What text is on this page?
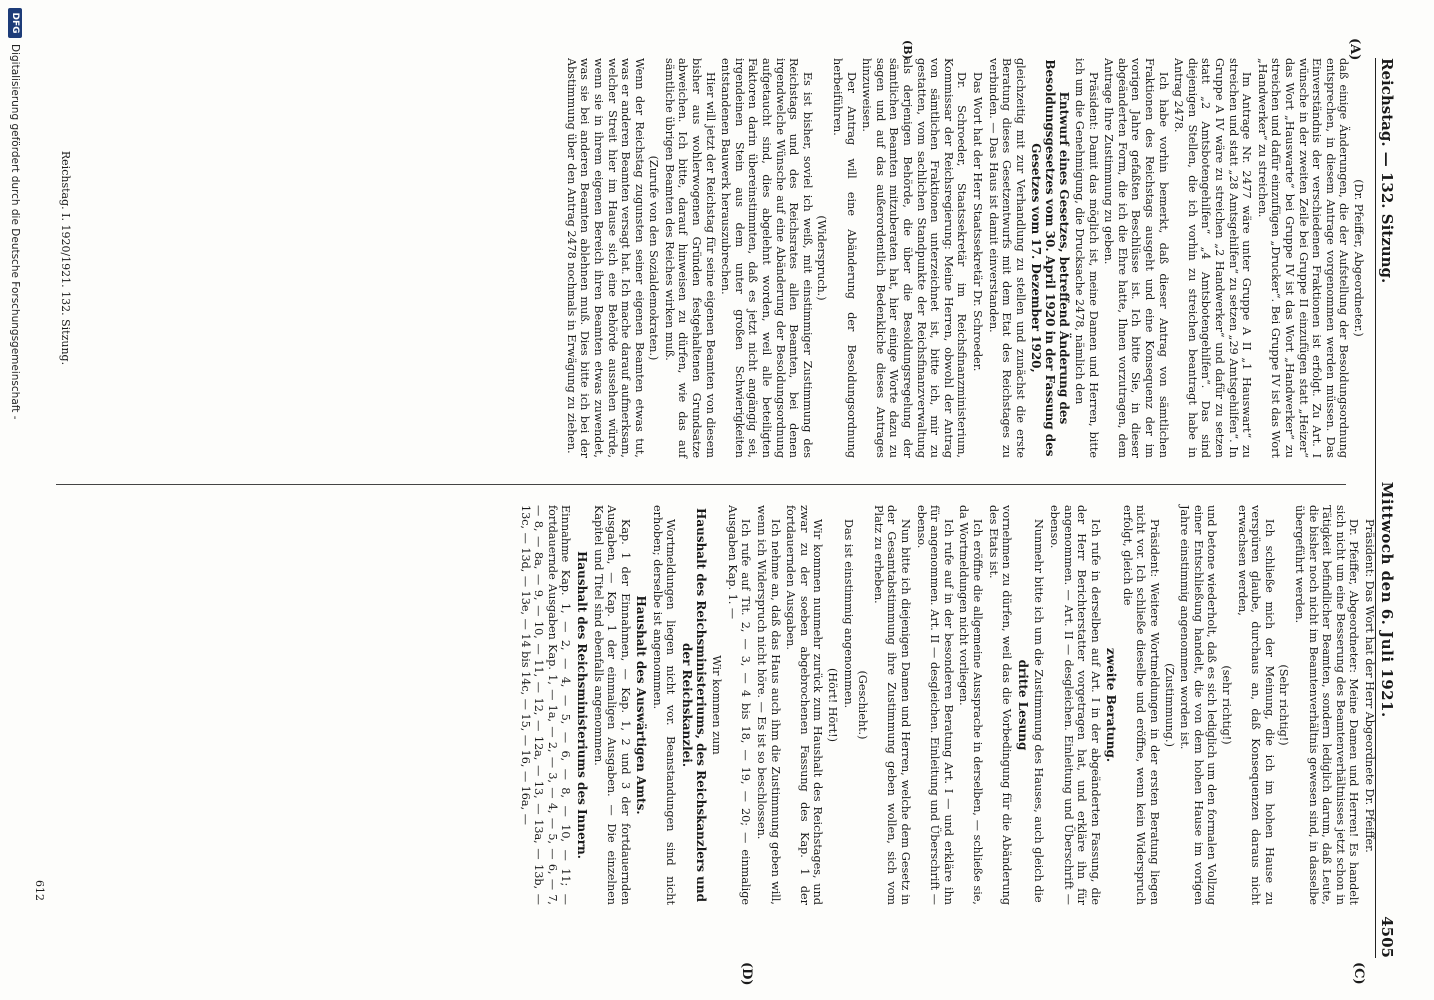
Reichstag. — 132. Sitzung.
Mittwoch den 6. Juli 1921.
4505
(A)
(B)
(C)
(D)

(Dr. Pfeiffer, Abgeordneter.)

daß einige Änderungen, die der Aufstellung der Besoldungsordnung entsprechen, in diesem Antrage vorgenommen werden müssen. Das Einverständnis der verschiedenen Fraktionen ist erfolgt. Zu Art. I wünsche in der zweiten Zeile bei Gruppe II einzufügen statt „Heizer“ das Wort „Hauswarte“ bei Gruppe IV ist das Wort „Handwerker“ zu streichen und dafür einzufügen „Drucker“. Bei Gruppe IV ist das Wort „Handwerker“ zu streichen.

Im Antrage Nr. 2477 wäre unter Gruppe A II „1 Hauswart“ zu streichen und statt „28 Amtsgehilfen“ zu setzen „29 Amtsgehilfen“. In Gruppe A IV wäre zu streichen „2 Handwerker“ und dafür zu setzen statt „2 Amtsbotengehilfen“ „4 Amtsbotengehilfen“. Das sind diejenigen Stellen, die ich vorhin zu streichen beantragt habe in Antrag 2478.

Ich habe vorhin bemerkt, daß dieser Antrag von sämtlichen Fraktionen des Reichstags ausgeht und eine Konsequenz der im vorigen Jahre gefaßten Beschlüsse ist. Ich bitte Sie, in dieser abgeänderten Form, die ich die Ehre hatte, Ihnen vorzutragen, dem Antrage Ihre Zustimmung zu geben.

Präsident: Damit das möglich ist, meine Damen und Herren, bitte ich um die Genehmigung, die Drucksache 2478, nämlich den

Entwurf eines Gesetzes, betreffend Änderung des Besoldungsgesetzes vom 30. April 1920 in der Fassung des Gesetzes vom 17. Dezember 1920,

gleichzeitig mit zur Verhandlung zu stellen und zunächst die erste Beratung dieses Gesetzentwurfs mit dem Etat des Reichstages zu verbinden. — Das Haus ist damit einverstanden.

Das Wort hat der Herr Staatssekretär Dr. Schroeder.

Dr. Schroeder, Staatssekretär im Reichsfinanzministerium, Kommissar der Reichsregierung: Meine Herren, obwohl der Antrag von sämtlichen Fraktionen unterzeichnet ist, bitte ich, mir zu gestatten, vom sachlichen Standpunkte der Reichsfinanzverwaltung als derjenigen Behörde, die über die Besoldungsregelung der sämtlichen Beamten mitzuberaten hat, hier einige Worte dazu zu sagen und auf das außerordentlich Bedenkliche dieses Antrages hinzuweisen.

Der Antrag will eine Abänderung der Besoldungsordnung herbeiführen.

(Widerspruch.)

Es ist bisher, soviel ich weiß, mit einstimmiger Zustimmung des Reichstags und des Reichsrates allen Beamten, bei denen irgendwelche Wünsche auf eine Abänderung der Besoldungsordnung aufgetaucht sind, dies abgelehnt worden, weil alle beteiligten Faktoren darin übereinstimmten, daß es jetzt nicht angängig sei, irgendeinen Stein aus dem unter großen Schwierigkeiten entstandenen Bauwerk herauszubrechen.

Hier will jetzt der Reichstag für seine eigenen Beamten von diesem bisher aus wohlerwogenen Gründen festgehaltenen Grundsatze abweichen. Ich bitte, darauf hinweisen zu dürfen, wie das auf sämtliche übrigen Beamten des Reiches wirken muß.

(Zurufe von den Sozialdemokraten.)

Wenn der Reichstag zugunsten seiner eigenen Beamten etwas tut, was er anderen Beamten versagt hat. Ich mache darauf aufmerksam, welcher Streit hier im Hause sich eine Behörde aussehen würde, wenn sie in ihrem eigenen Bereich ihren Beamten etwas zuwendet, was sie bei anderen Beamten ablehnen muß. Dies bitte ich bei der Abstimmung über den Antrag 2478 nochmals in Erwägung zu ziehen.

Präsident: Das Wort hat der Herr Abgeordnete Dr. Pfeiffer.

Dr. Pfeiffer, Abgeordneter: Meine Damen und Herren! Es handelt sich nicht um eine Besserung des Beamtenverhältnisses jetzt schon in Tätigkeit befindlicher Beamten, sondern lediglich darum, daß Leute, die bisher noch nicht im Beamtenverhältnis gewesen sind, in dasselbe übergeführt werden.

(Sehr richtig!)

Ich schließe mich der Meinung, die ich im hohen Hause zu verspüren glaube, durchaus an, daß Konsequenzen daraus nicht erwachsen werden,

(sehr richtig!)

und betone wiederholt, daß es sich lediglich um den formalen Vollzug einer Entschließung handelt, die von dem hohen Hause im vorigen Jahre einstimmig angenommen worden ist.

(Zustimmung.)

Präsident: Weitere Wortmeldungen in der ersten Beratung liegen nicht vor. Ich schließe dieselbe und eröffne, wenn kein Widerspruch erfolgt, gleich die

zweite Beratung.

Ich rufe in derselben auf Art. I in der abgeänderten Fassung, die der Herr Berichterstatter vorgetragen hat, und erkläre ihn für angenommen. — Art. II — desgleichen. Einleitung und Überschrift — ebenso.

Nunmehr bitte ich um die Zustimmung des Hauses, auch gleich die

dritte Lesung

vornehmen zu dürfen, weil das die Vorbedingung für die Abänderung des Etats ist.

Ich eröffne die allgemeine Aussprache in derselben, — schließe sie, da Wortmeldungen nicht vorliegen.

Ich rufe auf in der besonderen Beratung Art. I — und erkläre ihn für angenommen. Art. II — desgleichen. Einleitung und Überschrift — ebenso.

Nun bitte ich diejenigen Damen und Herren, welche dem Gesetz in der Gesamtabstimmung ihre Zustimmung geben wollen, sich vom Platz zu erheben.

(Geschieht.)

Das ist einstimmig angenommen.

(Hört! Hört!)

Wir kommen nunmehr zurück zum Haushalt des Reichstages, und zwar zu der soeben abgebrochenen Fassung des Kap. 1 der fortdauernden Ausgaben.

Ich nehme an, daß das Haus auch ihm die Zustimmung geben will, wenn ich Widerspruch nicht höre. — Es ist so beschlossen.

Ich rufe auf Tit. 2, — 3, — 4 bis 18, — 19, — 20; — einmalige Ausgaben Kap. 1. —

Wir kommen zum

Haushalt des Reichsministeriums, des Reichskanzlers und der Reichskanzlei.

Wortmeldungen liegen nicht vor. Beanstandungen sind nicht erhoben; derselbe ist angenommen.

Haushalt des Auswärtigen Amts.

Kap. 1 der Einnahmen, — Kap. 1, 2 und 3 der fortdauernden Ausgaben, — Kap. 1 der einmaligen Ausgaben. — Die einzelnen Kapitel und Titel sind ebenfalls angenommen.

Haushalt des Reichsministeriums des Innern.

Einnahme Kap. 1, — 2, — 4, — 5, — 6, — 8, — 10, — 11; — fortdauernde Ausgaben Kap. 1, — 1a, — 2, — 3, — 4, — 5, — 6, — 7, — 8, — 8a, — 9, — 10, — 11, — 12, — 12a, — 13, — 13a, — 13b, — 13c, — 13d, — 13e, — 14 bis 14c, — 15, — 16, — 16a, —

Reichstag. I. 1920/1921. 132. Sitzung.
612
DFG
Digitalisierung gefördert durch die Deutsche Forschungsgemeinschaft -
